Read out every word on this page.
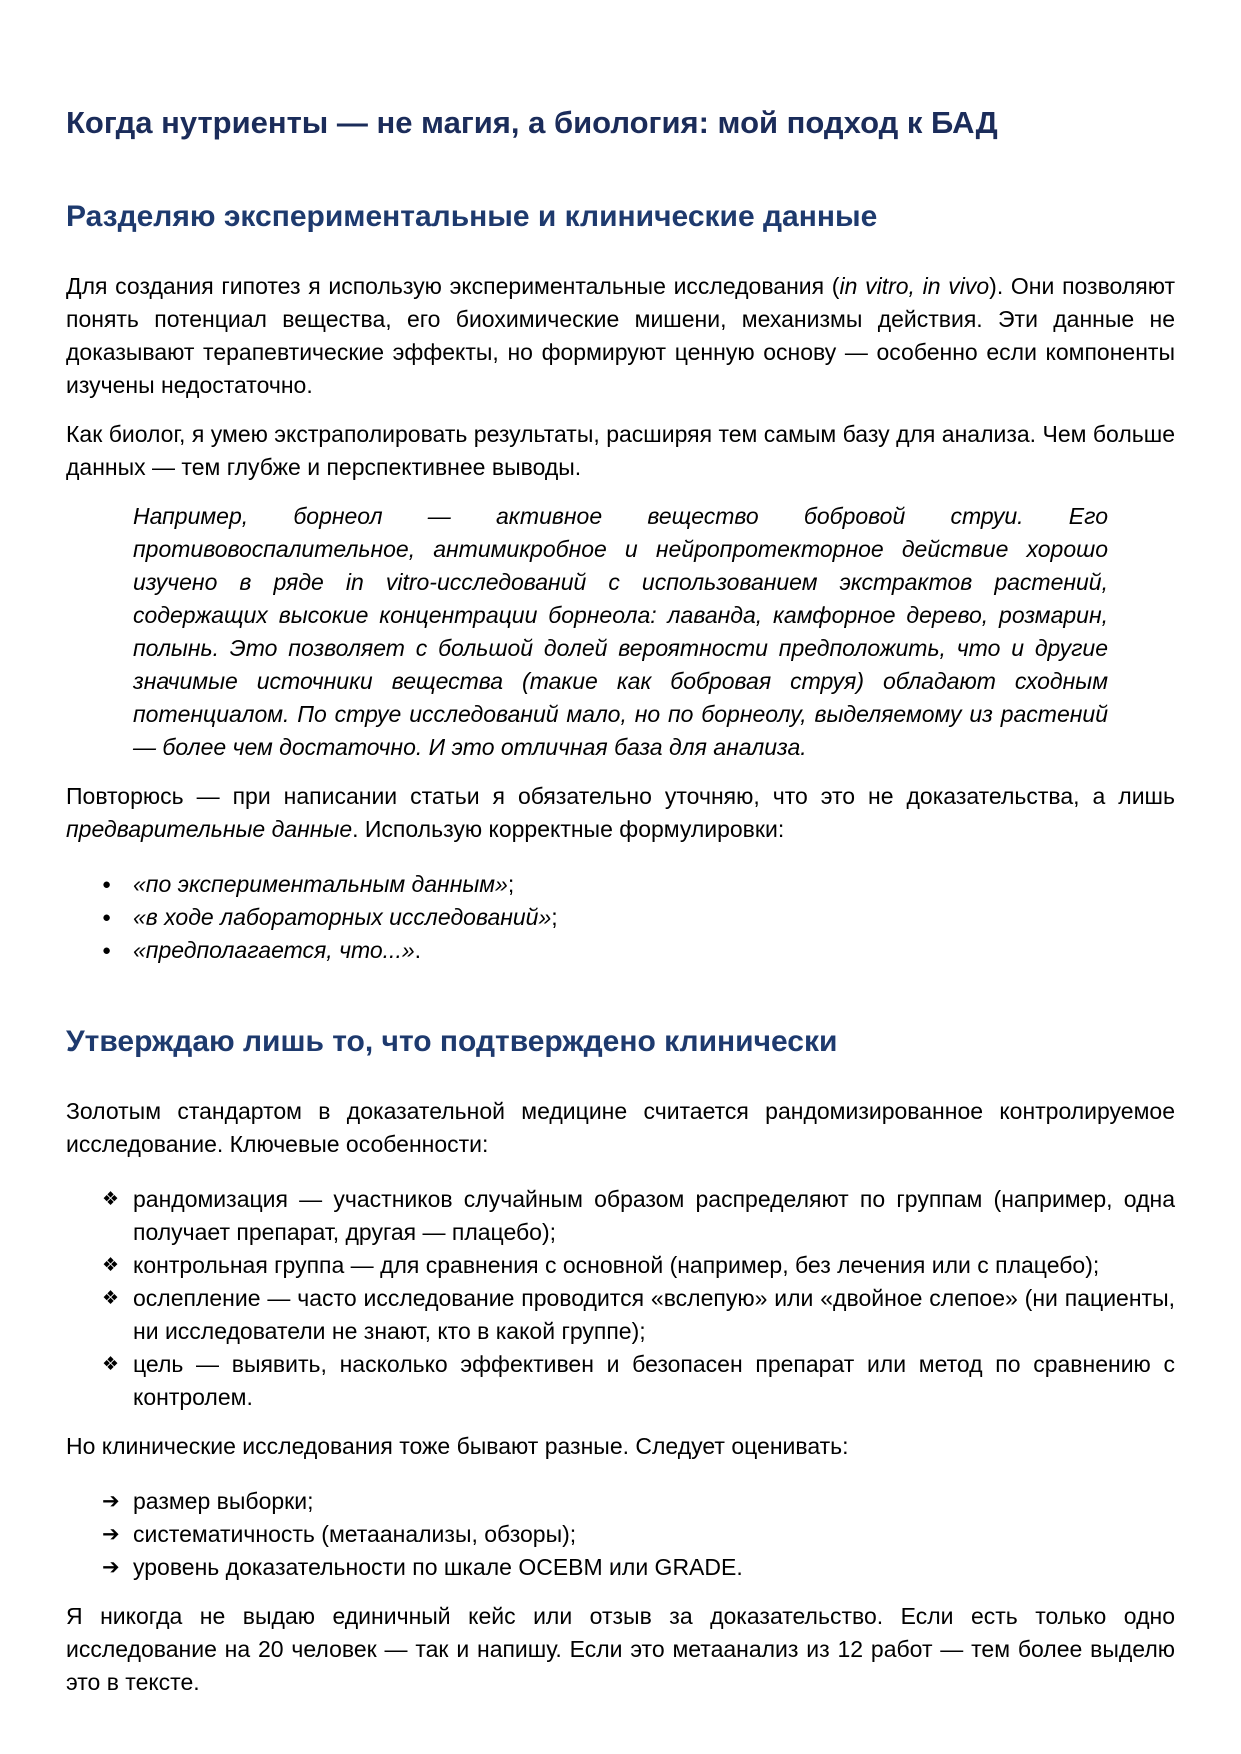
Когда нутриенты — не магия, а биология: мой подход к БАД
Разделяю экспериментальные и клинические данные

Для создания гипотез я использую экспериментальные исследования (in vitro, in vivo). Они позволяют понять потенциал вещества, его биохимические мишени, механизмы действия. Эти данные не доказывают терапевтические эффекты, но формируют ценную основу — особенно если компоненты изучены недостаточно.

Как биолог, я умею экстраполировать результаты, расширяя тем самым базу для анализа. Чем больше данных — тем глубже и перспективнее выводы.

Например, борнеол — активное вещество бобровой струи. Его противовоспалительное, антимикробное и нейропротекторное действие хорошо изучено в ряде in vitro-исследований с использованием экстрактов растений, содержащих высокие концентрации борнеола: лаванда, камфорное дерево, розмарин, полынь. Это позволяет с большой долей вероятности предположить, что и другие значимые источники вещества (такие как бобровая струя) обладают сходным потенциалом. По струе исследований мало, но по борнеолу, выделяемому из растений — более чем достаточно. И это отличная база для анализа.

Повторюсь — при написании статьи я обязательно уточняю, что это не доказательства, а лишь предварительные данные. Использую корректные формулировки:

● «по экспериментальным данным»;
● «в ходе лабораторных исследований»;
● «предполагается, что...».
Утверждаю лишь то, что подтверждено клинически

Золотым стандартом в доказательной медицине считается рандомизированное контролируемое исследование. Ключевые особенности:

❖ рандомизация — участников случайным образом распределяют по группам (например, одна получает препарат, другая — плацебо);
❖ контрольная группа — для сравнения с основной (например, без лечения или с плацебо);
❖ ослепление — часто исследование проводится «вслепую» или «двойное слепое» (ни пациенты, ни исследователи не знают, кто в какой группе);
❖ цель — выявить, насколько эффективен и безопасен препарат или метод по сравнению с контролем.

Но клинические исследования тоже бывают разные. Следует оценивать:

➔ размер выборки;
➔ систематичность (метаанализы, обзоры);
➔ уровень доказательности по шкале OCEBM или GRADE.

Я никогда не выдаю единичный кейс или отзыв за доказательство. Если есть только одно исследование на 20 человек — так и напишу. Если это метаанализ из 12 работ — тем более выделю это в тексте.
